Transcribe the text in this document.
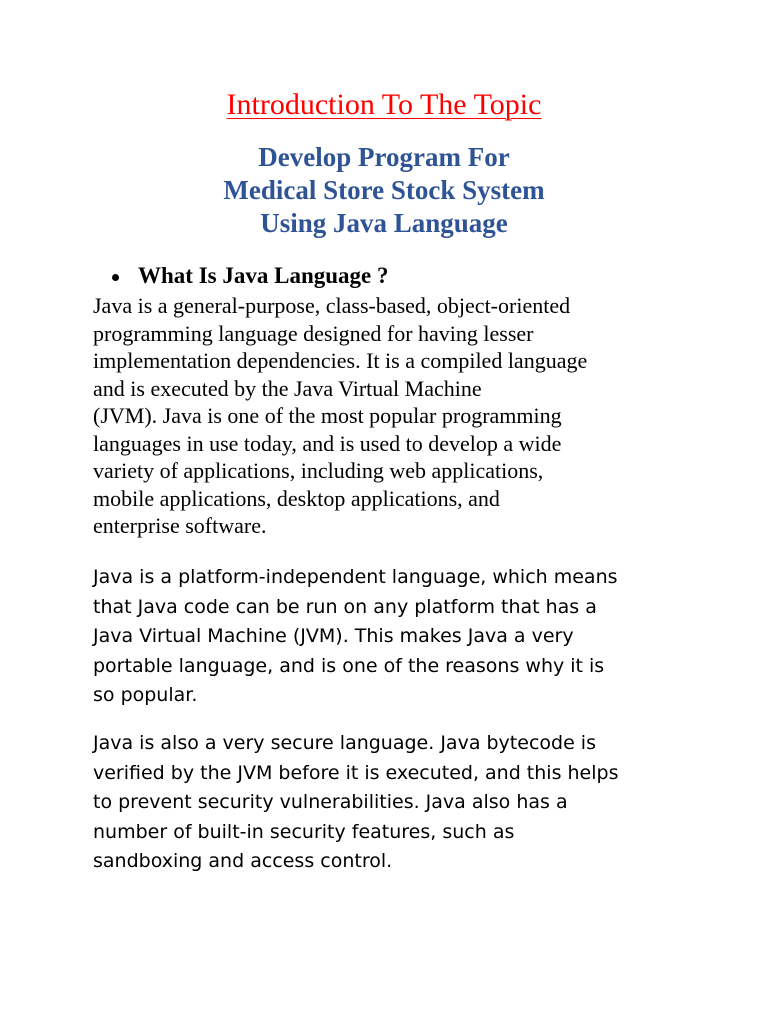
Introduction To The Topic
Develop Program For
Medical Store Stock System
Using Java Language
What Is Java Language ?

Java is a general-purpose, class-based, object-oriented
programming language designed for having lesser
implementation dependencies. It is a compiled language
and is executed by the Java Virtual Machine
(JVM). Java is one of the most popular programming
languages in use today, and is used to develop a wide
variety of applications, including web applications,
mobile applications, desktop applications, and
enterprise software.

Java is a platform-independent language, which means
that Java code can be run on any platform that has a
Java Virtual Machine (JVM). This makes Java a very
portable language, and is one of the reasons why it is
so popular.

Java is also a very secure language. Java bytecode is
verified by the JVM before it is executed, and this helps
to prevent security vulnerabilities. Java also has a
number of built-in security features, such as
sandboxing and access control.
